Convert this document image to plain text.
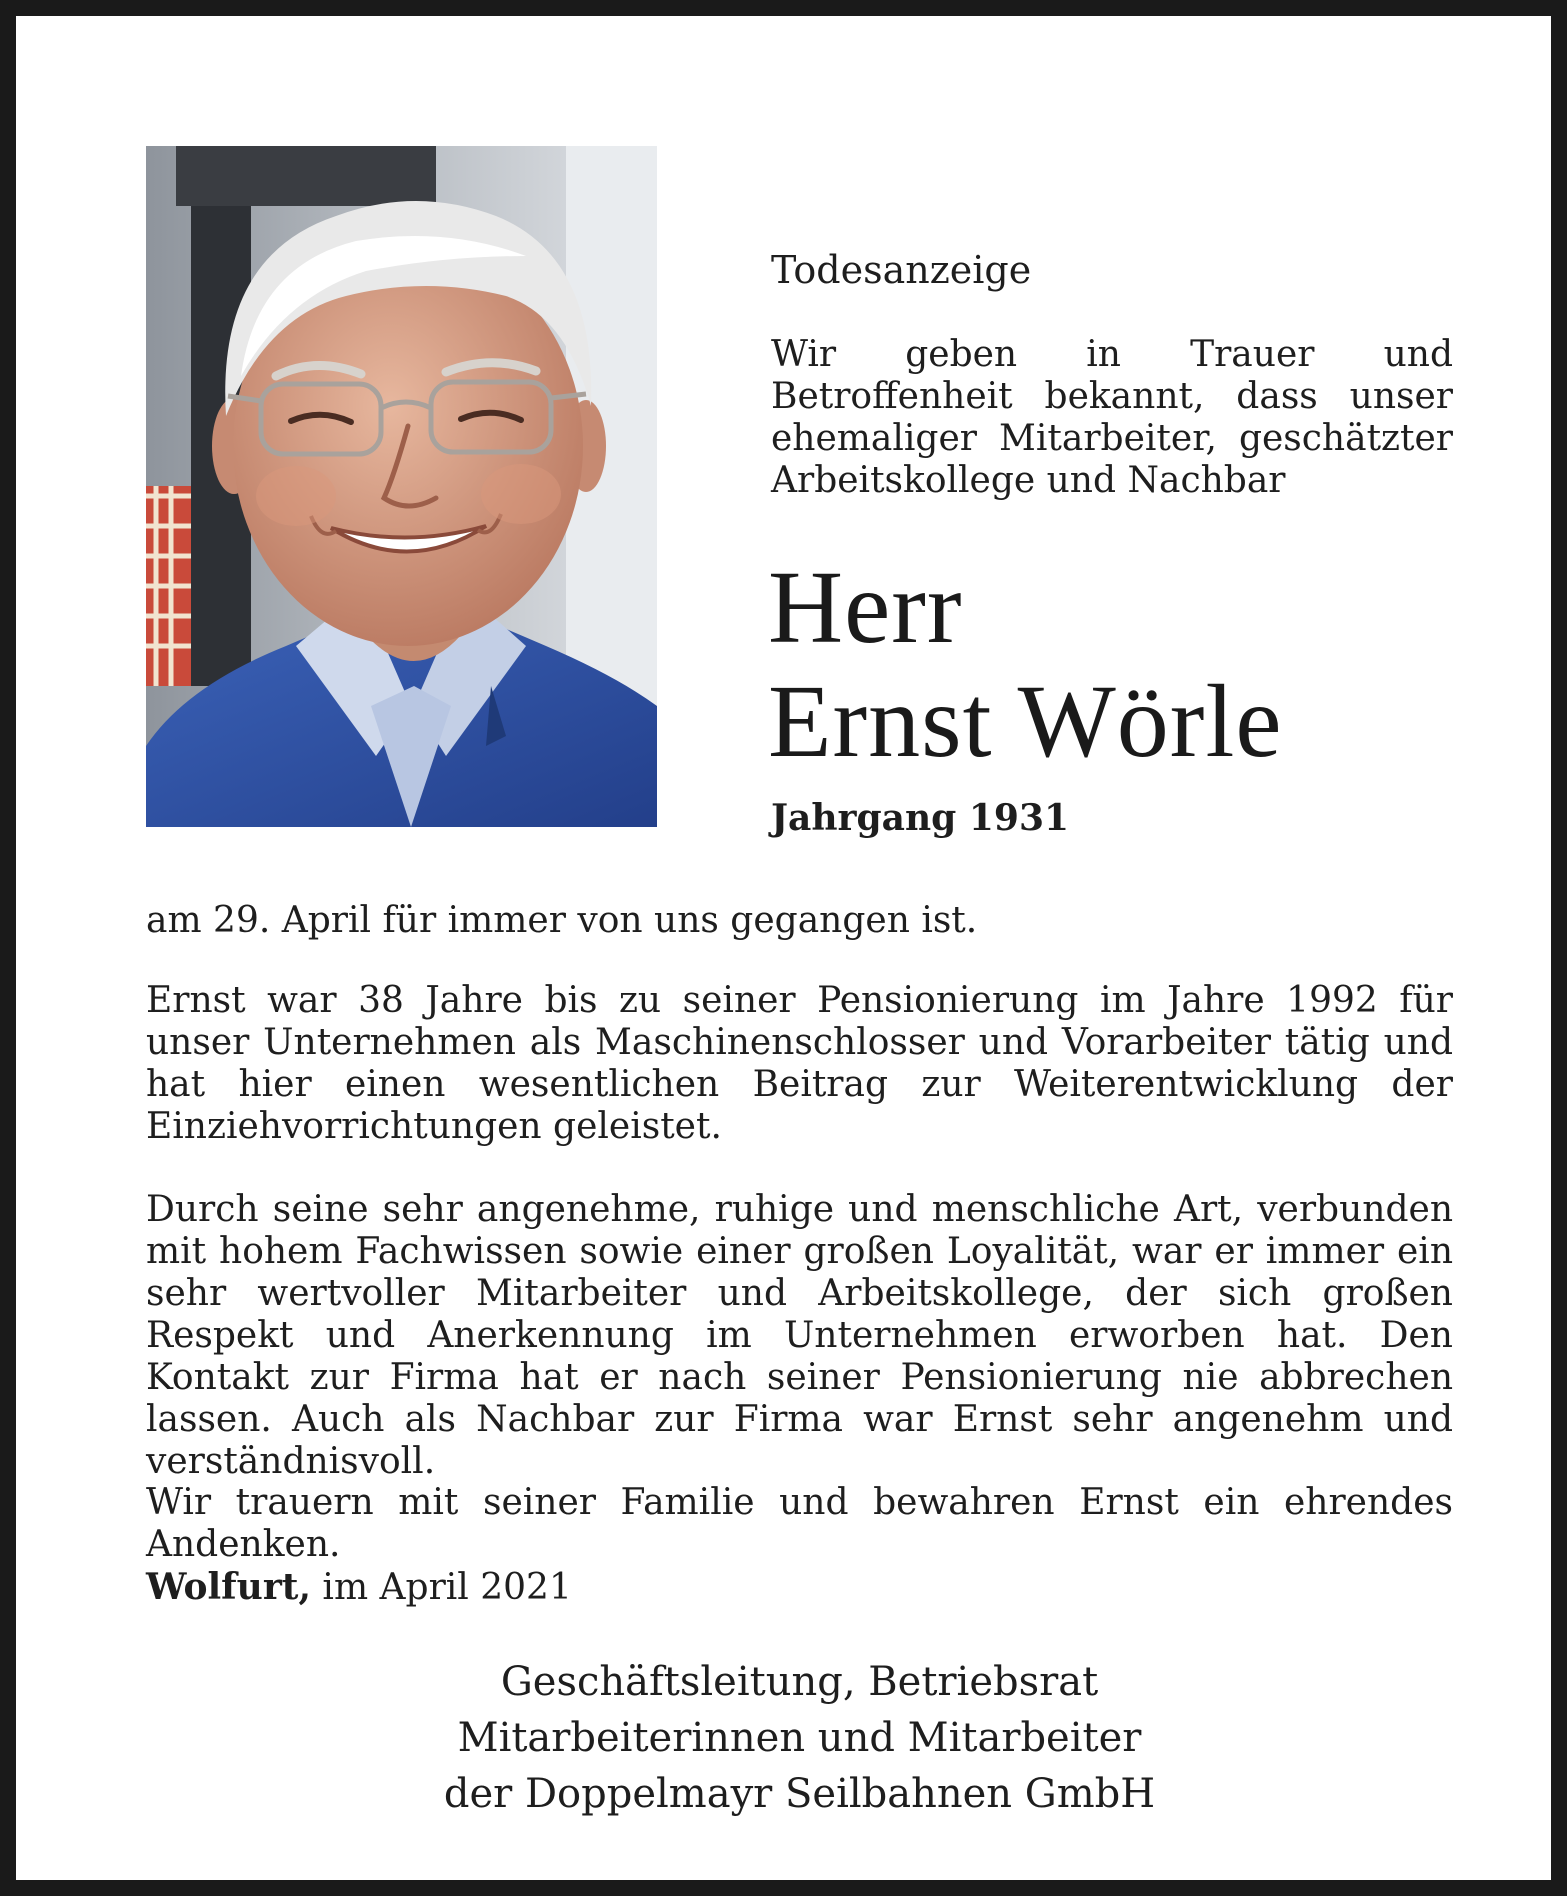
Todesanzeige
Wir geben in Trauer und Betroffenheit bekannt, dass unser ehemaliger Mitarbeiter, geschätzter Arbeitskollege und Nachbar
Herr
Ernst Wörle
Jahrgang 1931

am 29. April für immer von uns gegangen ist.

Ernst war 38 Jahre bis zu seiner Pensionierung im Jahre 1992 für unser Unternehmen als Maschinenschlosser und Vorarbeiter tätig und hat hier einen wesentlichen Beitrag zur Weiterentwicklung der Einziehvorrichtungen geleistet.

Durch seine sehr angenehme, ruhige und menschliche Art, verbunden mit hohem Fachwissen sowie einer großen Loyalität, war er immer ein sehr wertvoller Mitarbeiter und Arbeitskollege, der sich großen Respekt und Anerkennung im Unternehmen erworben hat. Den Kontakt zur Firma hat er nach seiner Pensionierung nie abbrechen lassen. Auch als Nachbar zur Firma war Ernst sehr angenehm und verständnisvoll.

Wir trauern mit seiner Familie und bewahren Ernst ein ehrendes Andenken.

Wolfurt, im April 2021
Geschäftsleitung, Betriebsrat
Mitarbeiterinnen und Mitarbeiter
der Doppelmayr Seilbahnen GmbH
